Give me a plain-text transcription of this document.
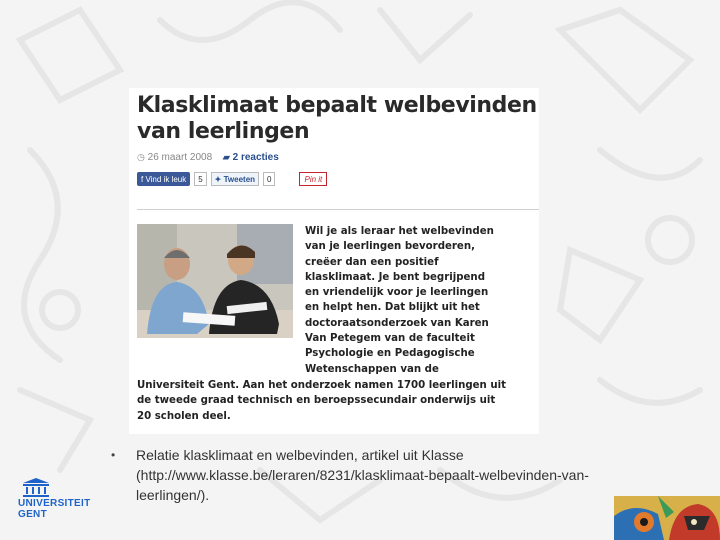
Klasklimaat bepaalt welbevinden
van leerlingen
◷ 26 maart 2008 ▰ 2 reacties
f Vind ik leuk	5	✦ Tweeten	0	Pin it
Wil je als leraar het welbevinden
van je leerlingen bevorderen,
creëer dan een positief
klasklimaat. Je bent begrijpend
en vriendelijk voor je leerlingen
en helpt hen. Dat blijkt uit het
doctoraatsonderzoek van Karen
Van Petegem van de faculteit
Psychologie en Pedagogische
Wetenschappen van de
Universiteit Gent. Aan het onderzoek namen 1700 leerlingen uit
de tweede graad technisch en beroepssecundair onderwijs uit
20 scholen deel.
• Relatie klasklimaat en welbevinden, artikel uit Klasse
(http://www.klasse.be/leraren/8231/klasklimaat-bepaalt-welbevinden-van-
leerlingen/).
UNIVERSITEIT
GENT
